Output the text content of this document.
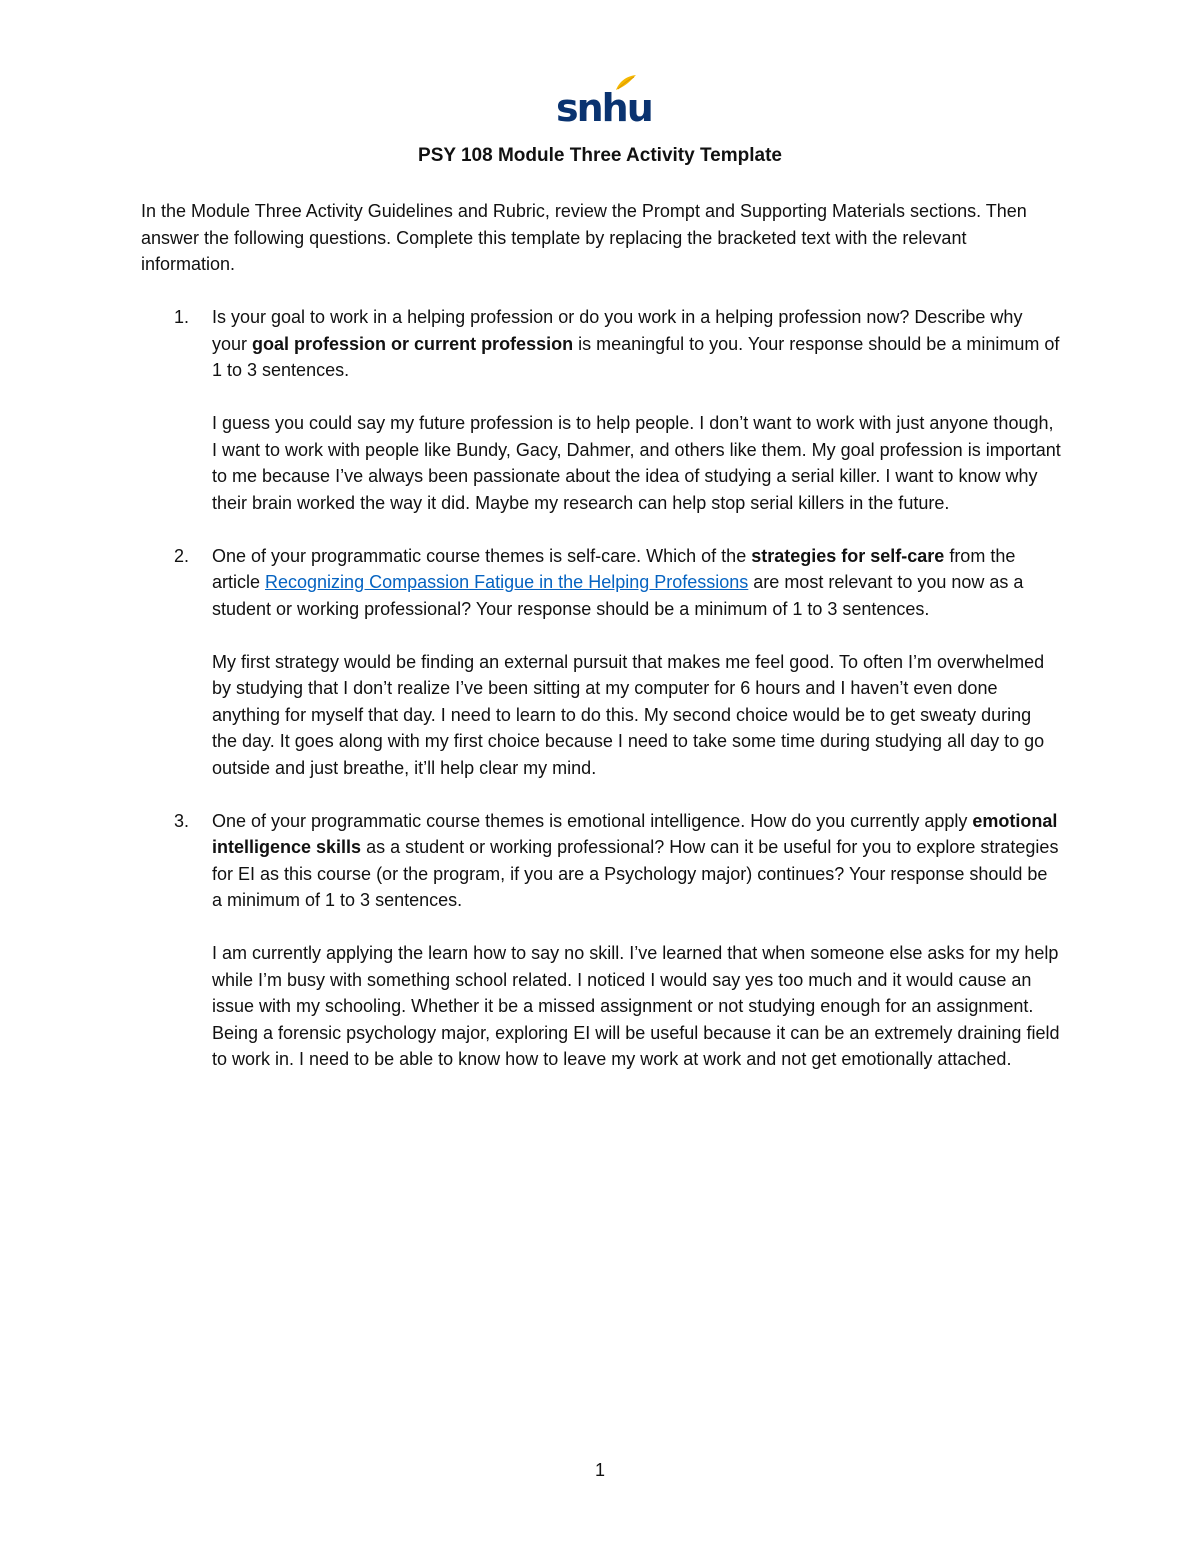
snhu
PSY 108 Module Three Activity Template

In the Module Three Activity Guidelines and Rubric, review the Prompt and Supporting Materials sections. Then answer the following questions. Complete this template by replacing the bracketed text with the relevant information.

1. Is your goal to work in a helping profession or do you work in a helping profession now? Describe why your goal profession or current profession is meaningful to you. Your response should be a minimum of 1 to 3 sentences.

I guess you could say my future profession is to help people. I don’t want to work with just anyone though, I want to work with people like Bundy, Gacy, Dahmer, and others like them. My goal profession is important to me because I’ve always been passionate about the idea of studying a serial killer. I want to know why their brain worked the way it did. Maybe my research can help stop serial killers in the future.

2. One of your programmatic course themes is self-care. Which of the strategies for self-care from the article Recognizing Compassion Fatigue in the Helping Professions are most relevant to you now as a student or working professional? Your response should be a minimum of 1 to 3 sentences.

My first strategy would be finding an external pursuit that makes me feel good. To often I’m overwhelmed by studying that I don’t realize I’ve been sitting at my computer for 6 hours and I haven’t even done anything for myself that day. I need to learn to do this. My second choice would be to get sweaty during the day. It goes along with my first choice because I need to take some time during studying all day to go outside and just breathe, it’ll help clear my mind.

3. One of your programmatic course themes is emotional intelligence. How do you currently apply emotional intelligence skills as a student or working professional? How can it be useful for you to explore strategies for EI as this course (or the program, if you are a Psychology major) continues? Your response should be a minimum of 1 to 3 sentences.

I am currently applying the learn how to say no skill. I’ve learned that when someone else asks for my help while I’m busy with something school related. I noticed I would say yes too much and it would cause an issue with my schooling. Whether it be a missed assignment or not studying enough for an assignment. Being a forensic psychology major, exploring EI will be useful because it can be an extremely draining field to work in. I need to be able to know how to leave my work at work and not get emotionally attached.

1
